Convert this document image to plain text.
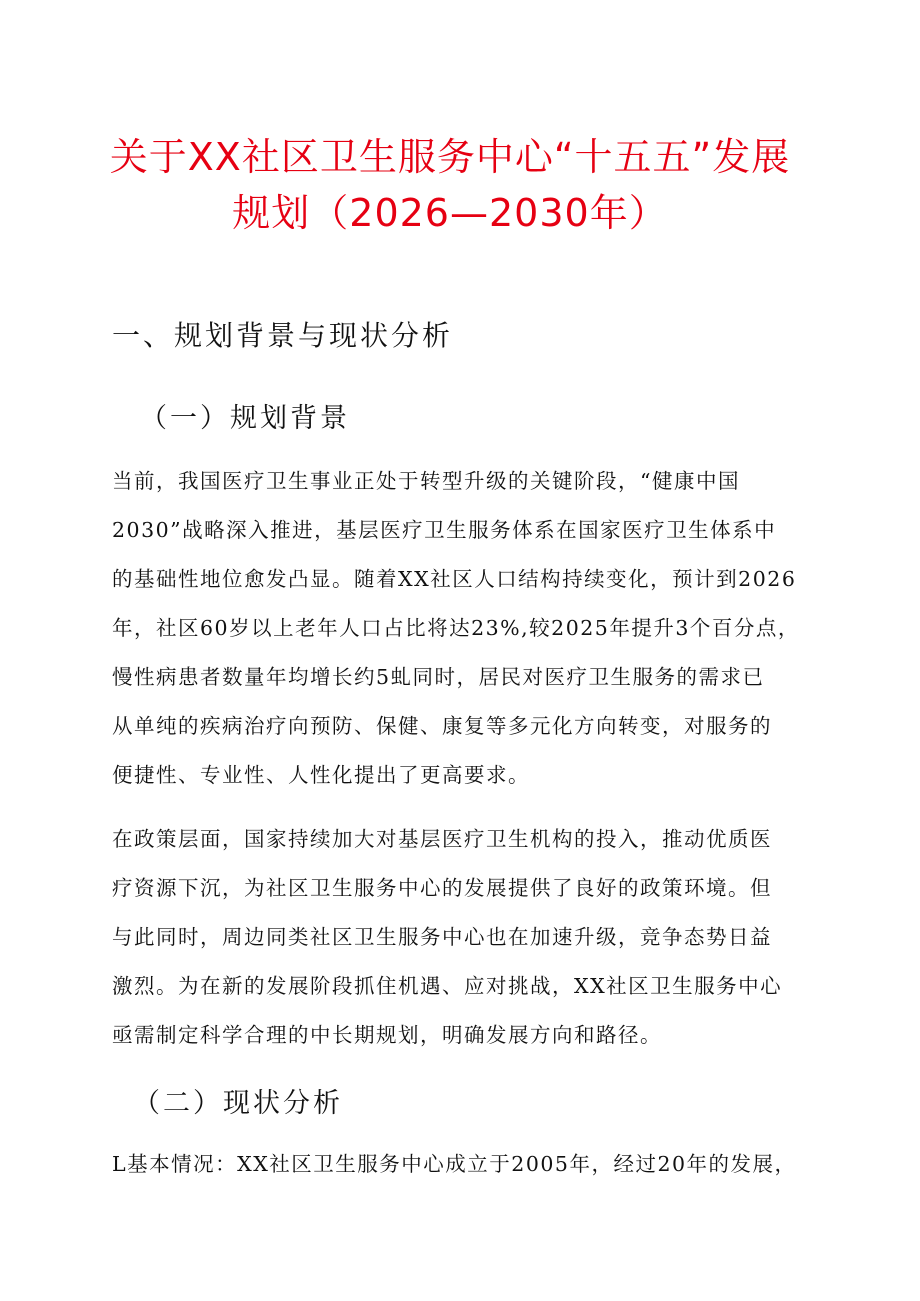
关于XX社区卫生服务中心“十五五”发展
规划（2026—2030年）
一、规划背景与现状分析
（一）规划背景
当前，我国医疗卫生事业正处于转型升级的关键阶段，“健康中国
2030”战略深入推进，基层医疗卫生服务体系在国家医疗卫生体系中
的基础性地位愈发凸显。随着XX社区人口结构持续变化，预计到2026
年，社区60岁以上老年人口占比将达23%,较2025年提升3个百分点，
慢性病患者数量年均增长约5虬同时，居民对医疗卫生服务的需求已
从单纯的疾病治疗向预防、保健、康复等多元化方向转变，对服务的
便捷性、专业性、人性化提出了更高要求。
在政策层面，国家持续加大对基层医疗卫生机构的投入，推动优质医
疗资源下沉，为社区卫生服务中心的发展提供了良好的政策环境。但
与此同时，周边同类社区卫生服务中心也在加速升级，竞争态势日益
激烈。为在新的发展阶段抓住机遇、应对挑战，XX社区卫生服务中心
亟需制定科学合理的中长期规划，明确发展方向和路径。
（二）现状分析
L基本情况：XX社区卫生服务中心成立于2005年，经过20年的发展，
